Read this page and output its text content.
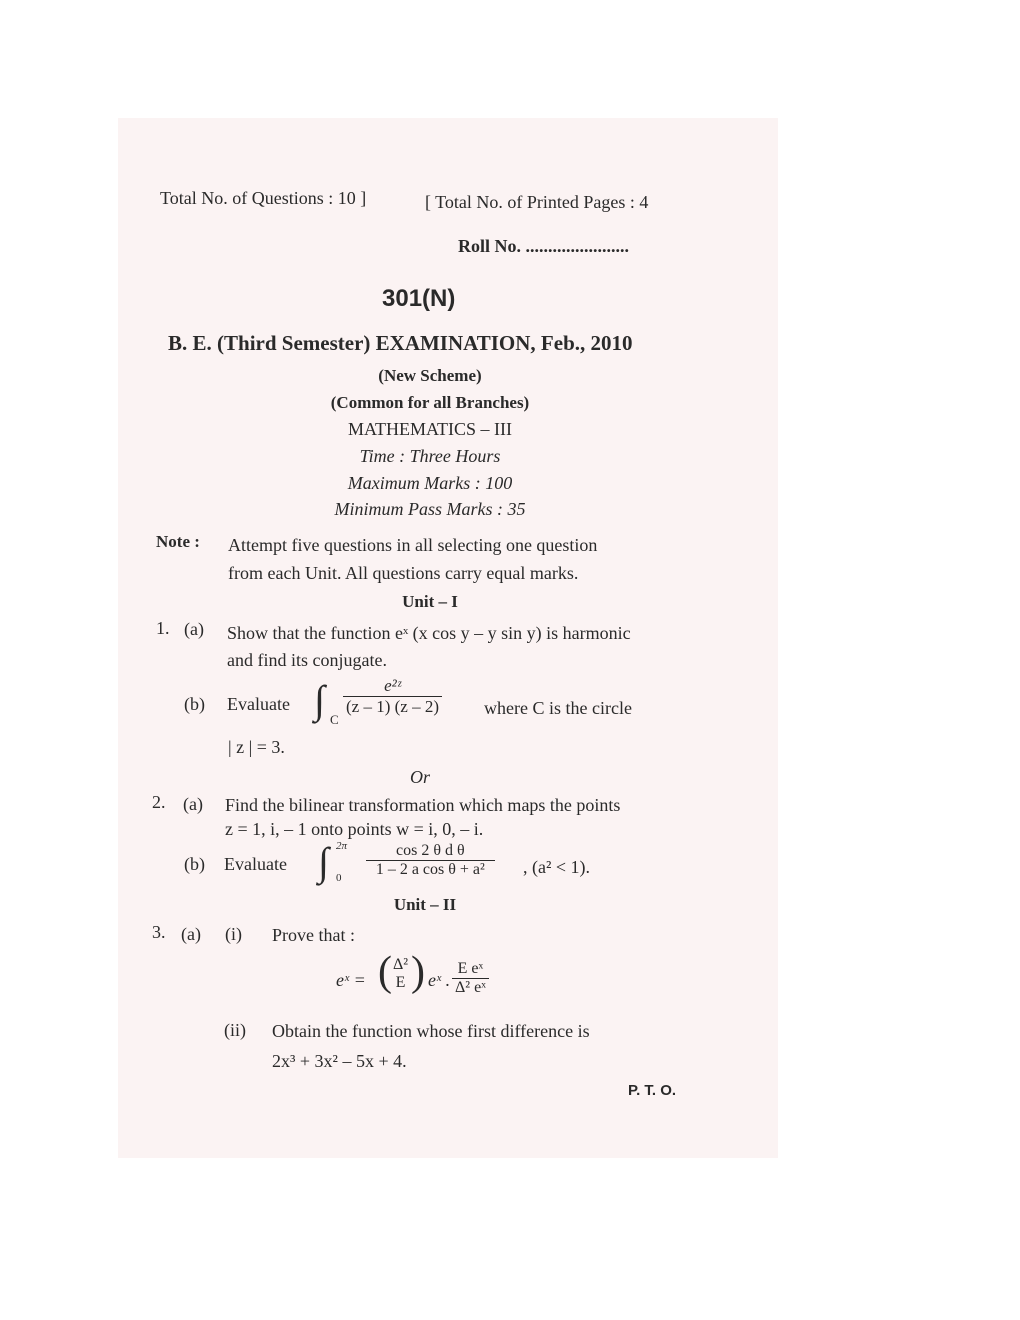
Total No. of Questions : 10 ]	[ Total No. of Printed Pages : 4
Roll No. .......................
301(N)
B. E. (Third Semester) EXAMINATION, Feb., 2010
(New Scheme)
(Common for all Branches)
MATHEMATICS – III
Time : Three Hours
Maximum Marks : 100
Minimum Pass Marks : 35
Note : Attempt five questions in all selecting one question
from each Unit. All questions carry equal marks.
Unit – I
1. (a) Show that the function eˣ (x cos y – y sin y) is harmonic
and find its conjugate.
(b) Evaluate ∫ C
$\frac{\text{e²ᶻ}}{(z - 1) (z - 2)}$ where C is the circle
| z | = 3.
Or
2. (a) Find the bilinear transformation which maps the points
z = 1, i, – 1 onto points w = i, 0, – i.
(b) Evaluate ∫ 2π
$0 \frac{\text{cos 2 θ d θ}}{\text{1 – 2 a cos θ + a²}}$ , (a² < 1).
Unit – II
3. (a) (i) Prove that :
eˣ = ( Δ²
E ) eˣ . $\frac{\text{E eˣ}}{\text{Δ² eˣ}}$
(ii) Obtain the function whose first difference is
2x³ + 3x² – 5x + 4.
P. T. O.
